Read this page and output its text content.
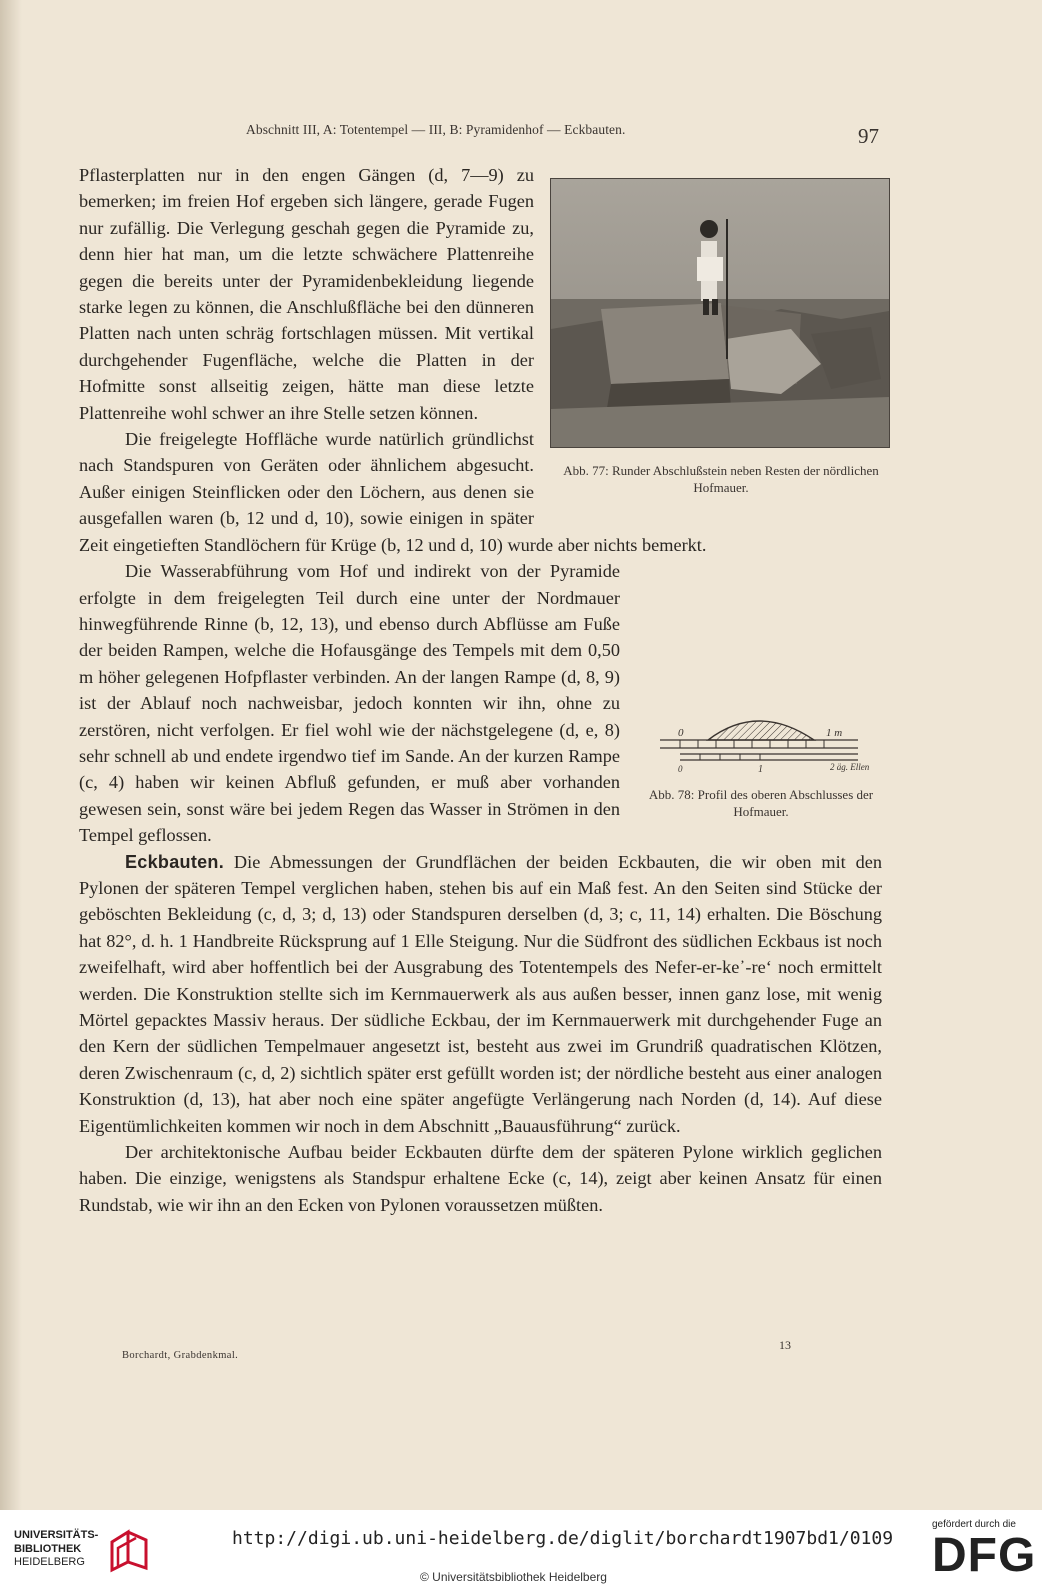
Abschnitt III, A: Totentempel — III, B: Pyramidenhof — Eckbauten.	97

Abb. 77: Runder Abschlußstein neben Resten der nördlichen Hofmauer.
Pflasterplatten nur in den engen Gängen (d, 7—9) zu bemerken; im freien Hof ergeben sich längere, gerade Fugen nur zufällig. Die Verlegung geschah gegen die Pyramide zu, denn hier hat man, um die letzte schwächere Plattenreihe gegen die bereits unter der Pyramidenbekleidung liegende starke legen zu können, die Anschlußfläche bei den dünneren Platten nach unten schräg fortschlagen müssen. Mit vertikal durchgehender Fugenfläche, welche die Platten in der Hofmitte sonst allseitig zeigen, hätte man diese letzte Plattenreihe wohl schwer an ihre Stelle setzen können.

Die freigelegte Hoffläche wurde natürlich gründlichst nach Standspuren von Geräten oder ähnlichem abgesucht. Außer einigen Steinflicken oder den Löchern, aus denen sie ausgefallen waren (b, 12 und d, 10), sowie einigen in später Zeit eingetieften Standlöchern für Krüge (b, 12 und d, 10) wurde aber nichts bemerkt.

0	1 m
0	1	2 äg. Ellen
Abb. 78: Profil des oberen Abschlusses der Hofmauer.
Die Wasserabführung vom Hof und indirekt von der Pyramide erfolgte in dem freigelegten Teil durch eine unter der Nordmauer hinwegführende Rinne (b, 12, 13), und ebenso durch Abflüsse am Fuße der beiden Rampen, welche die Hofausgänge des Tempels mit dem 0,50 m höher gelegenen Hofpflaster verbinden. An der langen Rampe (d, 8, 9) ist der Ablauf noch nachweisbar, jedoch konnten wir ihn, ohne zu zerstören, nicht verfolgen. Er fiel wohl wie der nächstgelegene (d, e, 8) sehr schnell ab und endete irgendwo tief im Sande. An der kurzen Rampe (c, 4) haben wir keinen Abfluß gefunden, er muß aber vorhanden gewesen sein, sonst wäre bei jedem Regen das Wasser in Strömen in den Tempel geflossen.

Eckbauten. Die Abmessungen der Grundflächen der beiden Eckbauten, die wir oben mit den Pylonen der späteren Tempel verglichen haben, stehen bis auf ein Maß fest. An den Seiten sind Stücke der geböschten Bekleidung (c, d, 3; d, 13) oder Standspuren derselben (d, 3; c, 11, 14) erhalten. Die Böschung hat 82°, d. h. 1 Handbreite Rücksprung auf 1 Elle Steigung. Nur die Südfront des südlichen Eckbaus ist noch zweifelhaft, wird aber hoffentlich bei der Ausgrabung des Totentempels des Nefer-er-ke᾿-re‘ noch ermittelt werden. Die Konstruktion stellte sich im Kernmauerwerk als aus außen besser, innen ganz lose, mit wenig Mörtel gepacktes Massiv heraus. Der südliche Eckbau, der im Kernmauerwerk mit durchgehender Fuge an den Kern der südlichen Tempelmauer angesetzt ist, besteht aus zwei im Grundriß quadratischen Klötzen, deren Zwischenraum (c, d, 2) sichtlich später erst gefüllt worden ist; der nördliche besteht aus einer analogen Konstruktion (d, 13), hat aber noch eine später angefügte Verlängerung nach Norden (d, 14). Auf diese Eigentümlichkeiten kommen wir noch in dem Abschnitt „Bauausführung“ zurück.

Der architektonische Aufbau beider Eckbauten dürfte dem der späteren Pylone wirklich geglichen haben. Die einzige, wenigstens als Standspur erhaltene Ecke (c, 14), zeigt aber keinen Ansatz für einen Rundstab, wie wir ihn an den Ecken von Pylonen voraussetzen müßten.

Borchardt, Grabdenkmal.
13
UNIVERSITÄTS-
BIBLIOTHEK
HEIDELBERG
http://digi.ub.uni-heidelberg.de/diglit/borchardt1907bd1/0109
© Universitätsbibliothek Heidelberg
gefördert durch die
DFG
